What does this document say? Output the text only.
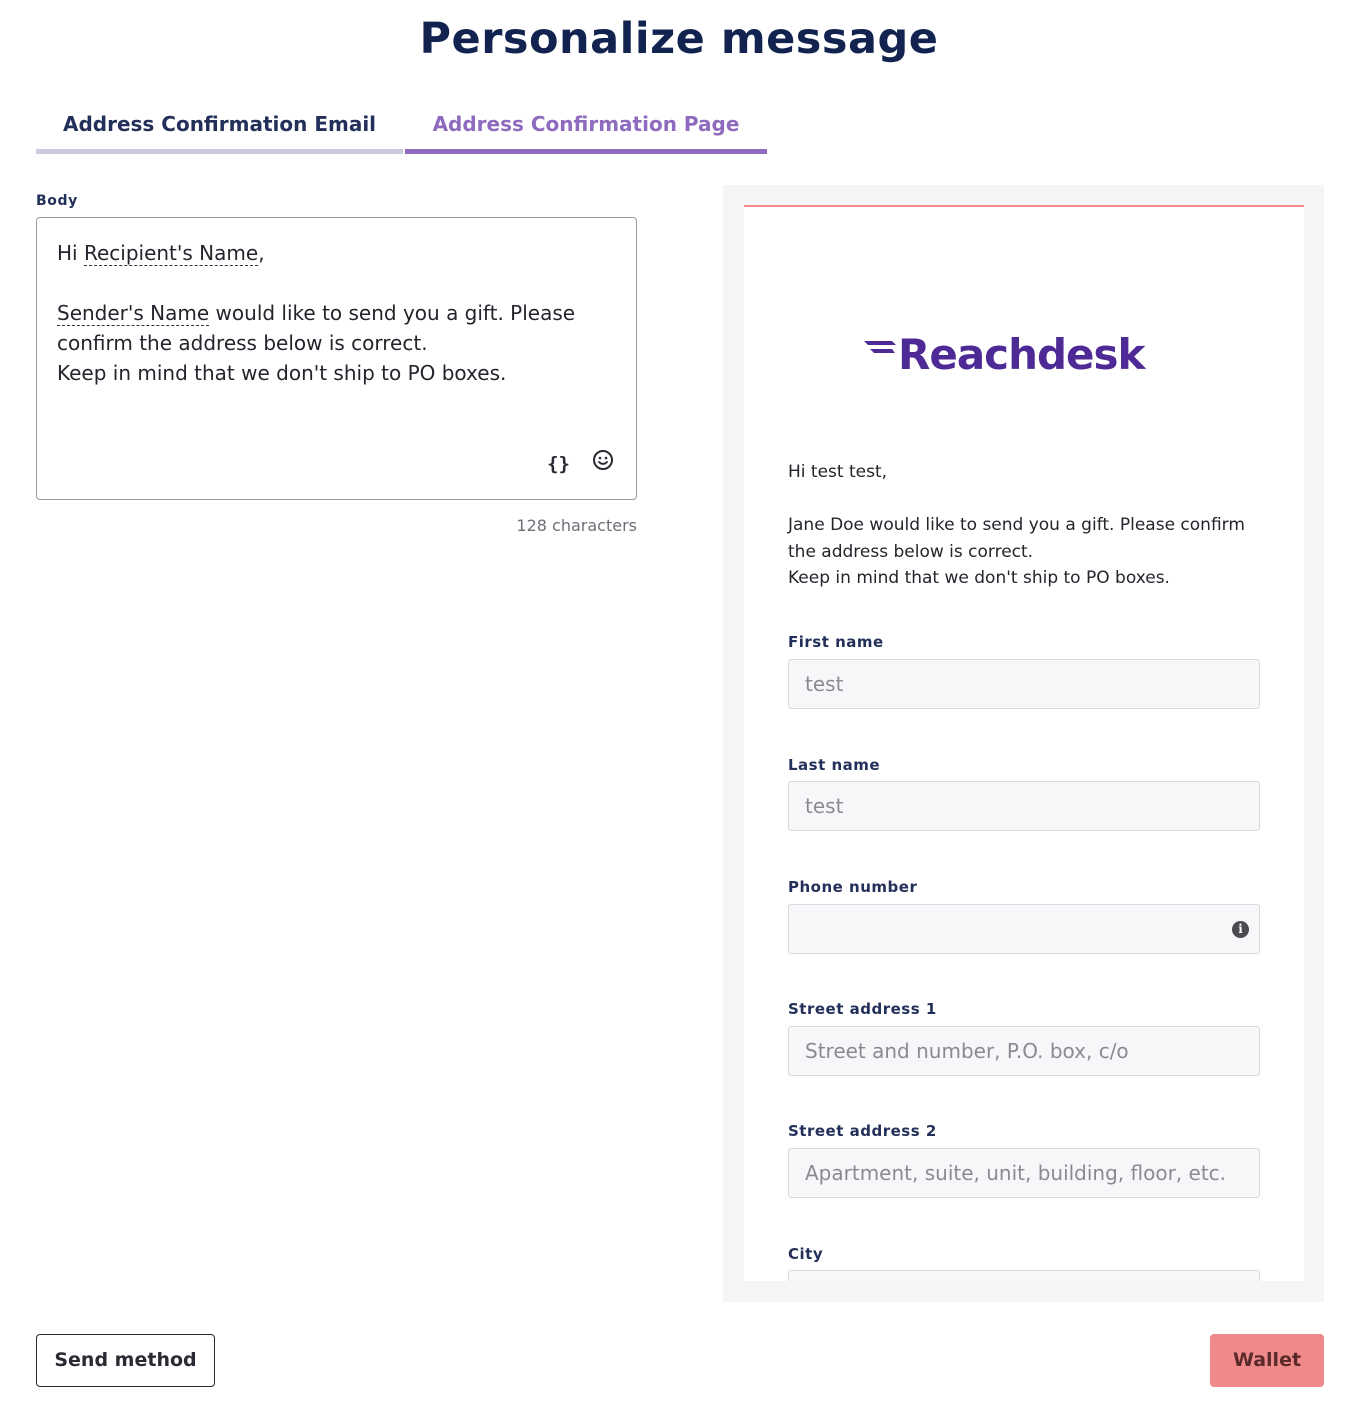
Personalize message
Address Confirmation Email	Address Confirmation Page
Body
Hi Recipient's Name,
Sender's Name would like to send you a gift. Please
confirm the address below is correct.
Keep in mind that we don't ship to PO boxes.
{}
128 characters
Reachdesk
Hi test test,
Jane Doe would like to send you a gift. Please confirm
the address below is correct.
Keep in mind that we don't ship to PO boxes.
First name
test
Last name
test
Phone number
i
Street address 1
Street and number, P.O. box, c/o
Street address 2
Apartment, suite, unit, building, floor, etc.
City
Send method	Wallet
